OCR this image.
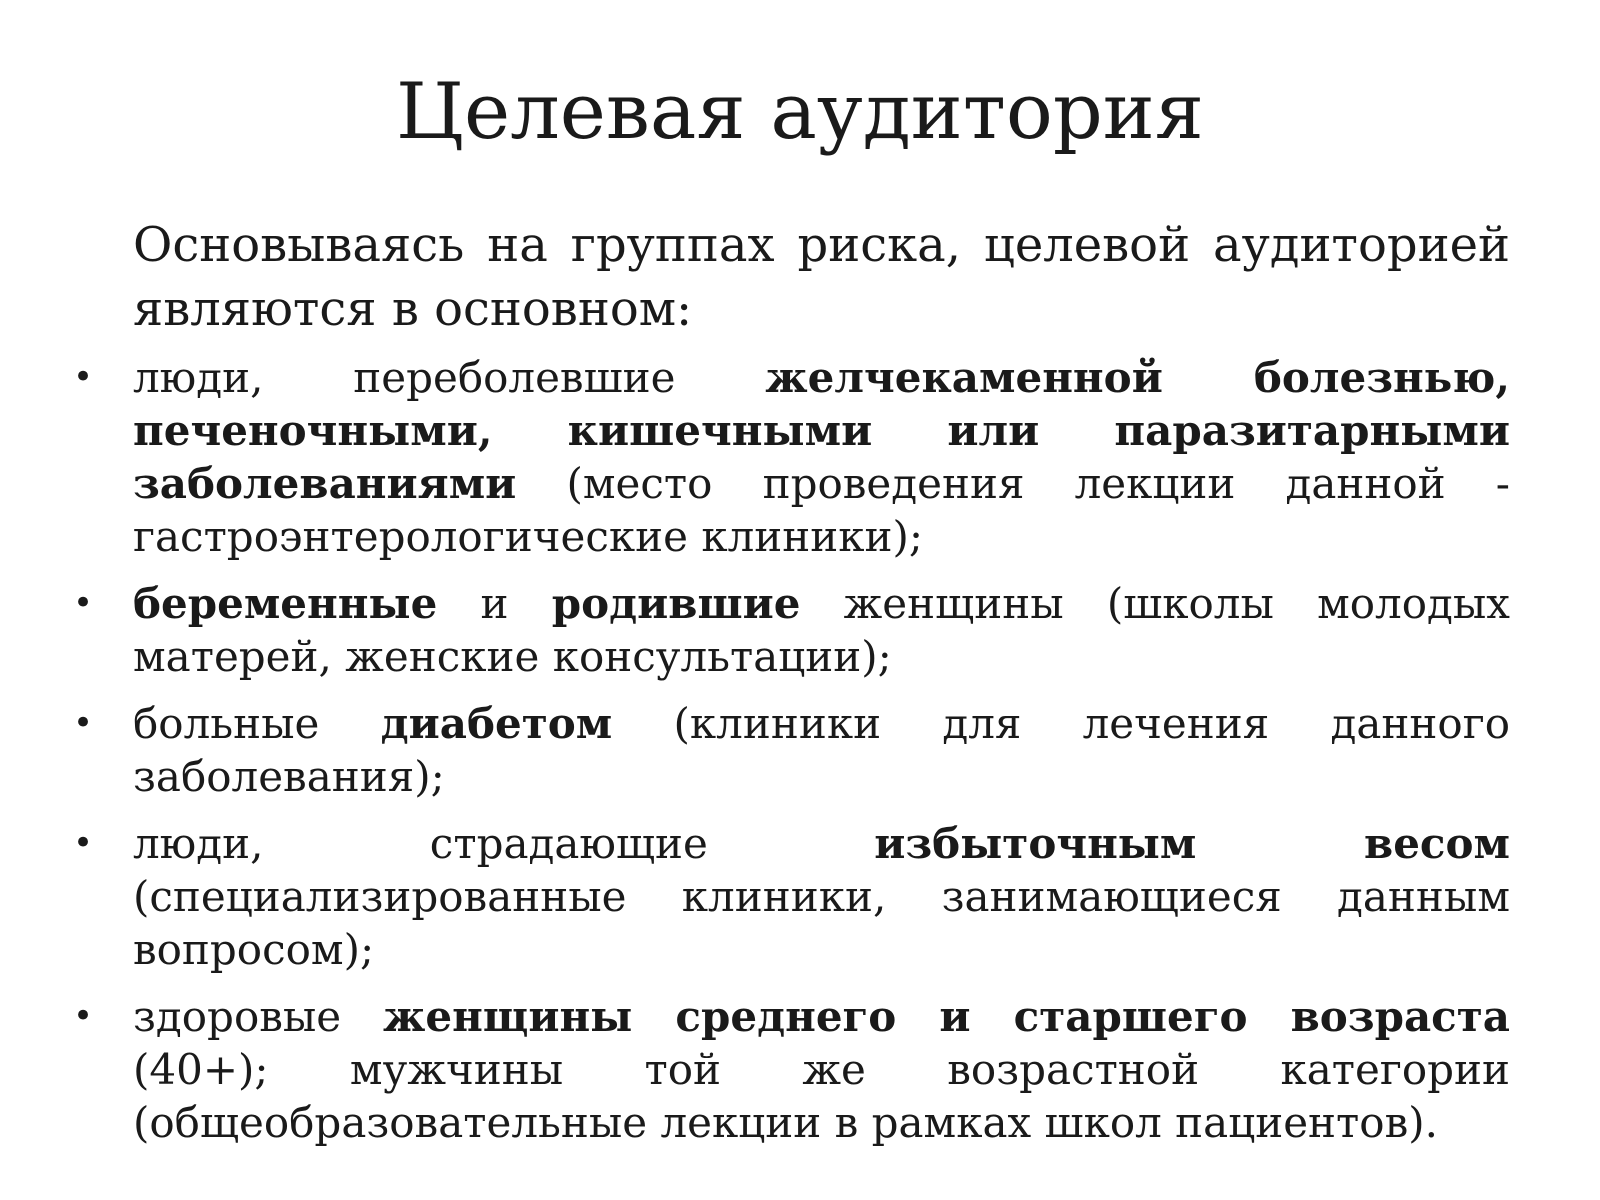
Целевая аудитория

Основываясь на группах риска, целевой аудиторией являются в основном:

• люди, переболевшие желчекаменной болезнью, печеночными, кишечными или паразитарными заболеваниями (место проведения лекции данной - гастроэнтерологические клиники);
• беременные и родившие женщины (школы молодых матерей, женские консультации);
• больные диабетом (клиники для лечения данного заболевания);
• люди, страдающие избыточным весом (специализированные клиники, занимающиеся данным вопросом);
• здоровые женщины среднего и старшего возраста (40+); мужчины той же возрастной категории (общеобразовательные лекции в рамках школ пациентов).
